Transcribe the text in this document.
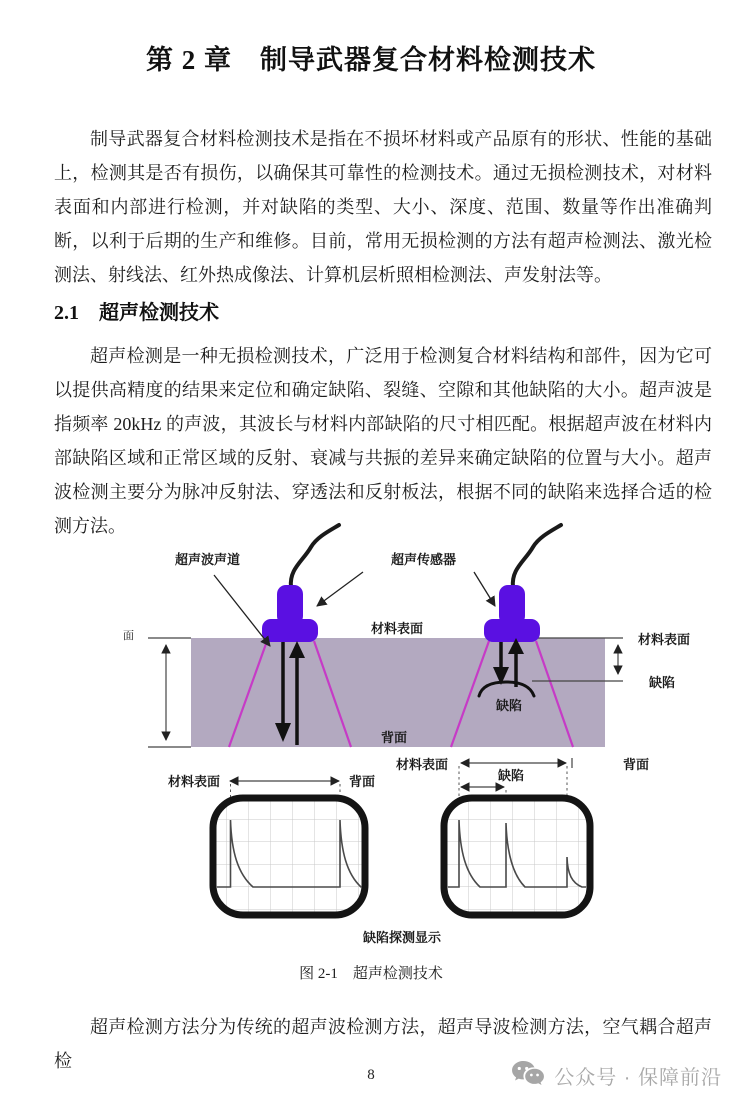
第 2 章　制导武器复合材料检测技术

制导武器复合材料检测技术是指在不损坏材料或产品原有的形状、性能的基础上，检测其是否有损伤，以确保其可靠性的检测技术。通过无损检测技术，对材料表面和内部进行检测，并对缺陷的类型、大小、深度、范围、数量等作出准确判断，以利于后期的生产和维修。目前，常用无损检测的方法有超声检测法、激光检测法、射线法、红外热成像法、计算机层析照相检测法、声发射法等。

2.1 超声检测技术

超声检测是一种无损检测技术，广泛用于检测复合材料结构和部件，因为它可以提供高精度的结果来定位和确定缺陷、裂缝、空隙和其他缺陷的大小。超声波是指频率 20kHz 的声波，其波长与材料内部缺陷的尺寸相匹配。根据超声波在材料内部缺陷区域和正常区域的反射、衰减与共振的差异来确定缺陷的位置与大小。超声波检测主要分为脉冲反射法、穿透法和反射板法，根据不同的缺陷来选择合适的检测方法。

面
超声波声道	超声传感器
材料表面
材料表面
缺陷
缺陷
背面
材料表面	背面
材料表面
缺陷
背面
缺陷探测显示
图 2-1　超声检测技术

超声检测方法分为传统的超声波检测方法，超声导波检测方法，空气耦合超声检

8	公众号 · 保障前沿
